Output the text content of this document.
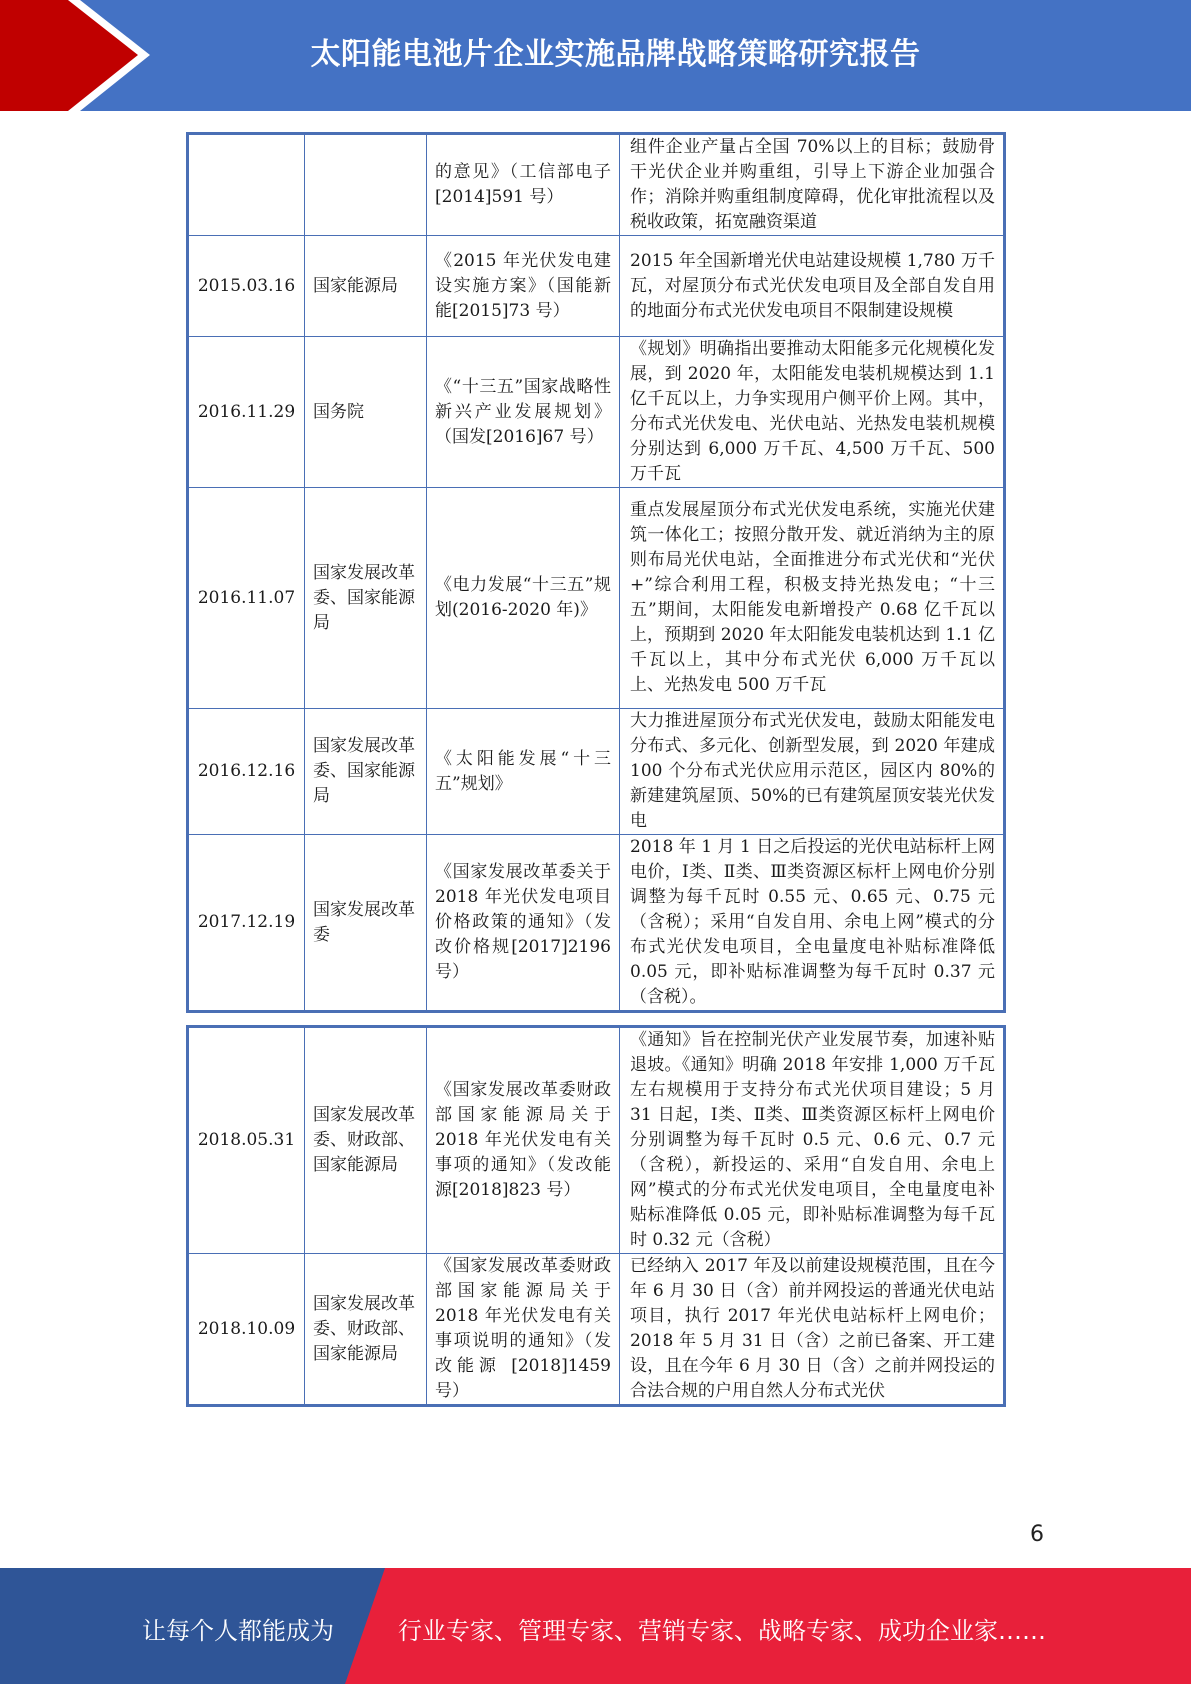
太阳能电池片企业实施品牌战略策略研究报告
		的意见》（工信部电子[2014]591 号）	组件企业产量占全国 70%以上的目标；鼓励骨干光伏企业并购重组，引导上下游企业加强合作；消除并购重组制度障碍，优化审批流程以及税收政策，拓宽融资渠道
2015.03.16	国家能源局	《2015 年光伏发电建设实施方案》（国能新能[2015]73 号）	2015 年全国新增光伏电站建设规模 1,780 万千瓦，对屋顶分布式光伏发电项目及全部自发自用的地面分布式光伏发电项目不限制建设规模
2016.11.29	国务院	《“十三五”国家战略性新兴产业发展规划》（国发[2016]67 号）	《规划》明确指出要推动太阳能多元化规模化发展，到 2020 年，太阳能发电装机规模达到 1.1 亿千瓦以上，力争实现用户侧平价上网。其中，分布式光伏发电、光伏电站、光热发电装机规模分别达到 6,000 万千瓦、4,500 万千瓦、500 万千瓦
2016.11.07	国家发展改革委、国家能源局	《电力发展“十三五”规划(2016-2020 年)》	重点发展屋顶分布式光伏发电系统，实施光伏建筑一体化工；按照分散开发、就近消纳为主的原则布局光伏电站，全面推进分布式光伏和“光伏+”综合利用工程，积极支持光热发电；“十三五”期间，太阳能发电新增投产 0.68 亿千瓦以上，预期到 2020 年太阳能发电装机达到 1.1 亿千瓦以上，其中分布式光伏 6,000 万千瓦以上、光热发电 500 万千瓦
2016.12.16	国家发展改革委、国家能源局	《太阳能发展“十三五”规划》	大力推进屋顶分布式光伏发电，鼓励太阳能发电分布式、多元化、创新型发展，到 2020 年建成 100 个分布式光伏应用示范区，园区内 80%的新建建筑屋顶、50%的已有建筑屋顶安装光伏发电
2017.12.19	国家发展改革委	《国家发展改革委关于 2018 年光伏发电项目价格政策的通知》（发改价格规[2017]2196 号）	2018 年 1 月 1 日之后投运的光伏电站标杆上网电价，Ⅰ类、Ⅱ类、Ⅲ类资源区标杆上网电价分别调整为每千瓦时 0.55 元、0.65 元、0.75 元（含税）；采用“自发自用、余电上网”模式的分布式光伏发电项目，全电量度电补贴标准降低 0.05 元，即补贴标准调整为每千瓦时 0.37 元（含税）。
2018.05.31	国家发展改革委、财政部、国家能源局	《国家发展改革委财政部国家能源局关于 2018 年光伏发电有关事项的通知》（发改能源[2018]823 号）	《通知》旨在控制光伏产业发展节奏，加速补贴退坡。《通知》明确 2018 年安排 1,000 万千瓦左右规模用于支持分布式光伏项目建设；5 月 31 日起，Ⅰ类、Ⅱ类、Ⅲ类资源区标杆上网电价分别调整为每千瓦时 0.5 元、0.6 元、0.7 元（含税），新投运的、采用“自发自用、余电上网”模式的分布式光伏发电项目，全电量度电补贴标准降低 0.05 元，即补贴标准调整为每千瓦时 0.32 元（含税）
2018.10.09	国家发展改革委、财政部、国家能源局	《国家发展改革委财政部国家能源局关于 2018 年光伏发电有关事项说明的通知》（发改能源 [2018]1459 号）	已经纳入 2017 年及以前建设规模范围，且在今年 6 月 30 日（含）前并网投运的普通光伏电站项目，执行 2017 年光伏电站标杆上网电价；2018 年 5 月 31 日（含）之前已备案、开工建设，且在今年 6 月 30 日（含）之前并网投运的合法合规的户用自然人分布式光伏
6
让每个人都能成为	行业专家、管理专家、营销专家、战略专家、成功企业家……
